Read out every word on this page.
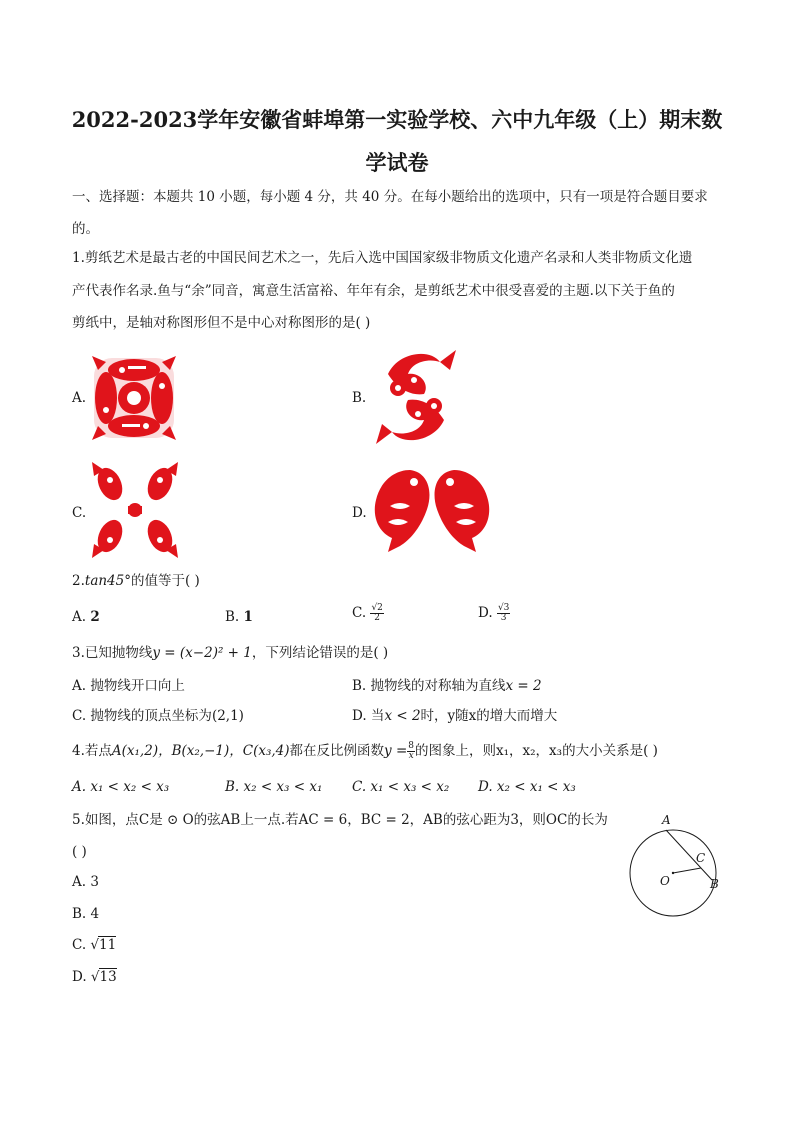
2022-2023学年安徽省蚌埠第一实验学校、六中九年级（上）期末数
学试卷
一、选择题：本题共 10 小题，每小题 4 分，共 40 分。在每小题给出的选项中，只有一项是符合题目要求
的。
1.剪纸艺术是最古老的中国民间艺术之一，先后入选中国国家级非物质文化遗产名录和人类非物质文化遗
产代表作名录.鱼与“余”同音，寓意生活富裕、年年有余，是剪纸艺术中很受喜爱的主题.以下关于鱼的
剪纸中，是轴对称图形但不是中心对称图形的是( )
A.	B.
C.	D.
2.tan45°的值等于( )
A. 2	B. 1	C. $\frac{√2}{2}$	D. $\frac{√3}{3}$
3.已知抛物线y = (x−2)² + 1，下列结论错误的是( )
A. 抛物线开口向上	B. 抛物线的对称轴为直线x = 2
C. 抛物线的顶点坐标为(2,1)	D. 当x < 2时，y随x的增大而增大
4.若点A(x₁,2)，B(x₂,−1)，C(x₃,4)都在反比例函数$y = \frac{8}{x}$ 的图象上，则x₁，x₂，x₃的大小关系是( )
A. x₁ < x₂ < x₃	B. x₂ < x₃ < x₁ C. x₁ < x₃ < x₂ D. x₂ < x₁ < x₃
5.如图，点C是 ⊙ O的弦AB上一点.若AC = 6，BC = 2，AB的弦心距为3，则OC的长为
( )
A. 3
B. 4
C. √11
D. √13
A
C
O	B
